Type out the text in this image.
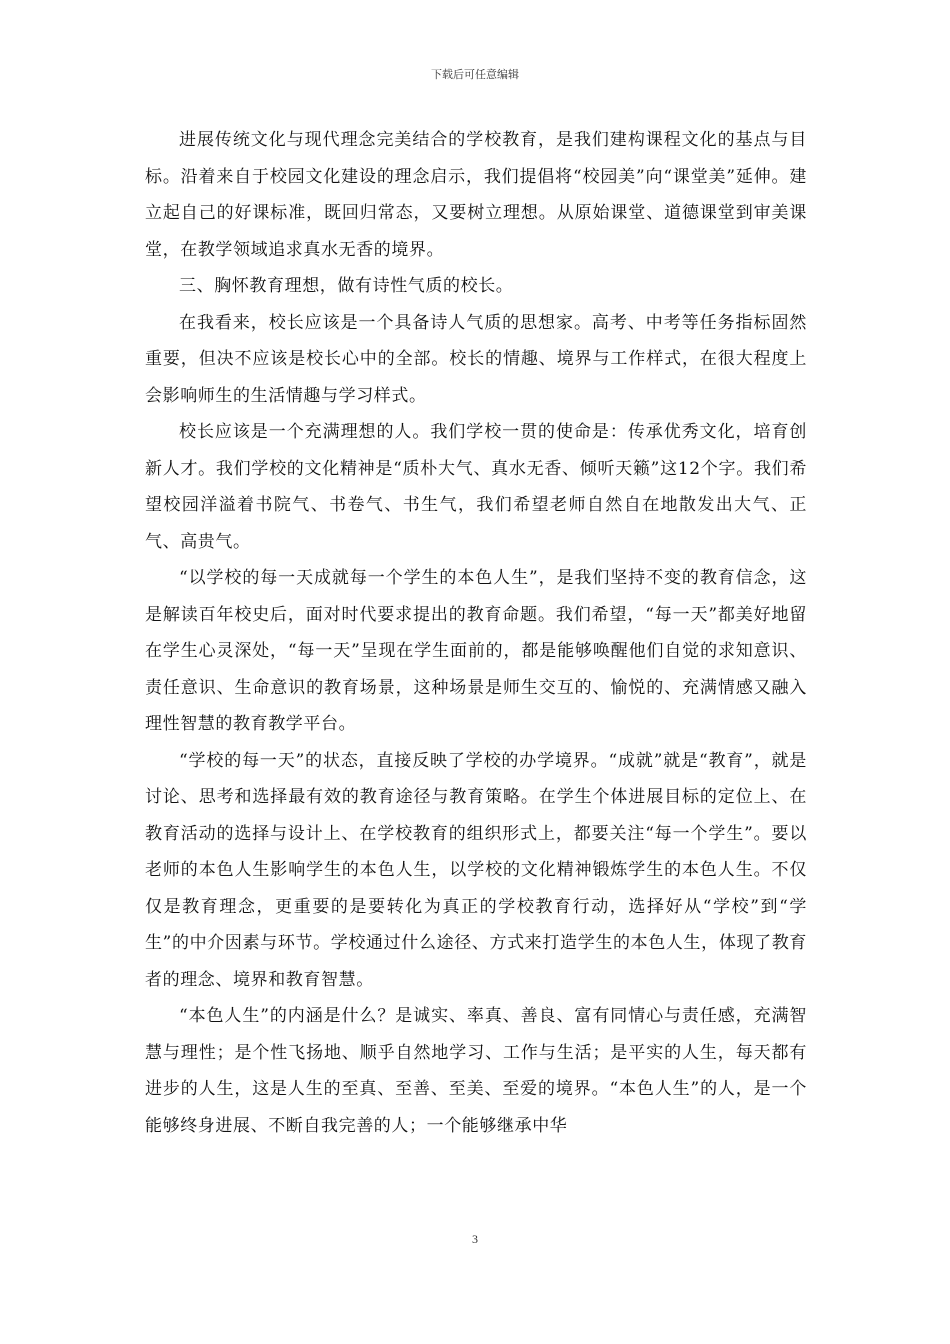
下载后可任意编辑

进展传统文化与现代理念完美结合的学校教育，是我们建构课程文化的基点与目标。沿着来自于校园文化建设的理念启示，我们提倡将“校园美”向“课堂美”延伸。建立起自己的好课标准，既回归常态，又要树立理想。从原始课堂、道德课堂到审美课堂，在教学领域追求真水无香的境界。

三、胸怀教育理想，做有诗性气质的校长。

在我看来，校长应该是一个具备诗人气质的思想家。高考、中考等任务指标固然重要，但决不应该是校长心中的全部。校长的情趣、境界与工作样式，在很大程度上会影响师生的生活情趣与学习样式。

校长应该是一个充满理想的人。我们学校一贯的使命是：传承优秀文化，培育创新人才。我们学校的文化精神是“质朴大气、真水无香、倾听天籁”这12个字。我们希望校园洋溢着书院气、书卷气、书生气，我们希望老师自然自在地散发出大气、正气、高贵气。

“以学校的每一天成就每一个学生的本色人生”，是我们坚持不变的教育信念，这是解读百年校史后，面对时代要求提出的教育命题。我们希望，“每一天”都美好地留在学生心灵深处，“每一天”呈现在学生面前的，都是能够唤醒他们自觉的求知意识、责任意识、生命意识的教育场景，这种场景是师生交互的、愉悦的、充满情感又融入理性智慧的教育教学平台。

“学校的每一天”的状态，直接反映了学校的办学境界。“成就”就是“教育”，就是讨论、思考和选择最有效的教育途径与教育策略。在学生个体进展目标的定位上、在教育活动的选择与设计上、在学校教育的组织形式上，都要关注“每一个学生”。要以老师的本色人生影响学生的本色人生，以学校的文化精神锻炼学生的本色人生。不仅仅是教育理念，更重要的是要转化为真正的学校教育行动，选择好从“学校”到“学生”的中介因素与环节。学校通过什么途径、方式来打造学生的本色人生，体现了教育者的理念、境界和教育智慧。

“本色人生”的内涵是什么？是诚实、率真、善良、富有同情心与责任感，充满智慧与理性；是个性飞扬地、顺乎自然地学习、工作与生活；是平实的人生，每天都有进步的人生，这是人生的至真、至善、至美、至爱的境界。“本色人生”的人，是一个能够终身进展、不断自我完善的人；一个能够继承中华

3
